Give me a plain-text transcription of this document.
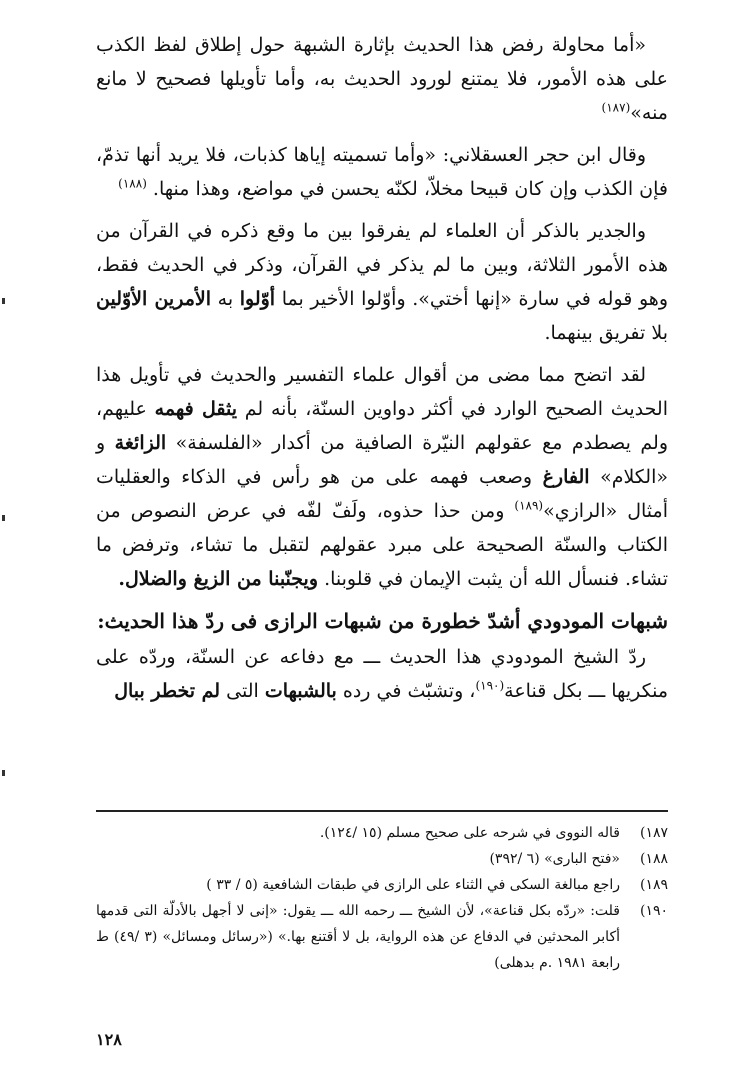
«أما محاولة رفض هذا الحديث بإثارة الشبهة حول إطلاق لفظ الكذب على هذه الأمور، فلا يمتنع لورود الحديث به، وأما تأويلها فصحيح لا مانع منه»$^{(١٨٧)}$

وقال ابن حجر العسقلاني: «وأما تسميته إياها كذبات، فلا يريد أنها تذمّ، فإن الكذب وإن كان قبيحا مخلاّ، لكنّه يحسن في مواضع، وهذا منها. $^{(١٨٨)}$

والجدير بالذكر أن العلماء لم يفرقوا بين ما وقع ذكره في القرآن من هذه الأمور الثلاثة، وبين ما لم يذكر في القرآن، وذكر في الحديث فقط، وهو قوله في سارة «إنها أختي». وأوّلوا الأخير بما أوّلوا به الأمرين الأوّلين بلا تفريق بينهما.

لقد اتضح مما مضى من أقوال علماء التفسير والحديث في تأويل هذا الحديث الصحيح الوارد في أكثر دواوين السنّة، بأنه لم يثقل فهمه عليهم، ولم يصطدم مع عقولهم النيّرة الصافية من أكدار «الفلسفة» الزائغة و «الكلام» الفارغ وصعب فهمه على من هو رأس في الذكاء والعقليات أمثال «الرازي»$^{(١٨٩)}$ ومن حذا حذوه، ولَفّ لفّه في عرض النصوص من الكتاب والسنّة الصحيحة على مبرد عقولهم لتقبل ما تشاء، وترفض ما تشاء. فنسأل الله أن يثبت الإيمان في قلوبنا. ويجنّبنا من الزيغ والضلال.

شبهات المودودي أشدّ خطورة من شبهات الرازى فى ردّ هذا الحديث:

ردّ الشيخ المودودي هذا الحديث ـــ مع دفاعه عن السنّة، وردّه على منكريها ـــ بكل قناعة$^{(١٩٠)}$، وتشبّث في رده بالشبهات التى لم تخطر ببال

١٨٧)
قاله النووى في شرحه على صحيح مسلم (١٥ /١٢٤).
١٨٨)
«فتح البارى» (٦ /٣٩٢)
١٨٩)
راجع مبالغة السكى في الثناء على الرازى في طبقات الشافعية (٥ / ٣٣ )
١٩٠)
قلت: «ردّه بكل قناعة»، لأن الشيخ ـــ رحمه الله ـــ يقول: «إنى لا أجهل بالأدلّة التى قدمها أكابر المحدثين في الدفاع عن هذه الرواية، بل لا أقتنع بها.» («رسائل ومسائل» (٣ /٤٩) ط رابعة ١٩٨١ .م بدهلى)
١٢٨
